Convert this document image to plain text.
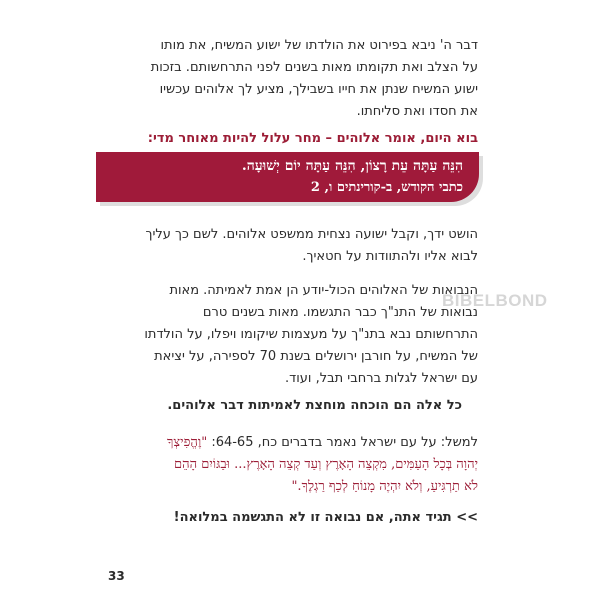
דבר ה' ניבא בפירוט את הולדתו של ישוע המשיח, את מותו
על הצלב ואת תקומתו מאות בשנים לפני התרחשותם. בזכות
ישוע המשיח שנתן את חייו בשבילך, מציע לך אלוהים עכשיו
את חסדו ואת סליחתו.

בוא היום, אומר אלוהים – מחר עלול להיות מאוחר מדי:

הִנֵּה עַתָּה עֵת רָצוֹן, הִנֵּה עַתָּה יוֹם יְשׁוּעָה.
כתבי הקודש, ב-קורינתים ו, 2

הושט ידך, וקבל ישועה נצחית ממשפט אלוהים. לשם כך עליך
לבוא אליו ולהתוודות על חטאיך.

הנבואות של האלוהים הכול-יודע הן אמת לאמיתה. מאות
נבואות של התנ"ך כבר התגשמו. מאות בשנים טרם
התרחשותם נבא בתנ"ך על מעצמות שיקומו ויפלו, על הולדתו
של המשיח, על חורבן ירושלים בשנת 70 לספירה, על יציאת
עם ישראל לגלות ברחבי תבל, ועוד.

כל אלה הם הוכחה מוחצת לאמיתות דבר אלוהים.

למשל: על עם ישראל נאמר בדברים כח, 64-65: "וֶהֱפִיצְךָ
יְהוָה בְּכָל הָעַמִּים, מִקְצֵה הָאָרֶץ וְעַד קְצֵה הָאָרֶץ... וּבַגּוֹיִם הָהֵם
לֹא תַרְגִּיעַ, וְלֹא יִהְיֶה מָנוֹחַ לְכַף רַגְלֶךָ."

>> תגיד אתה, אם נבואה זו לא התגשמה במלואה!

BIBELBOND
33
